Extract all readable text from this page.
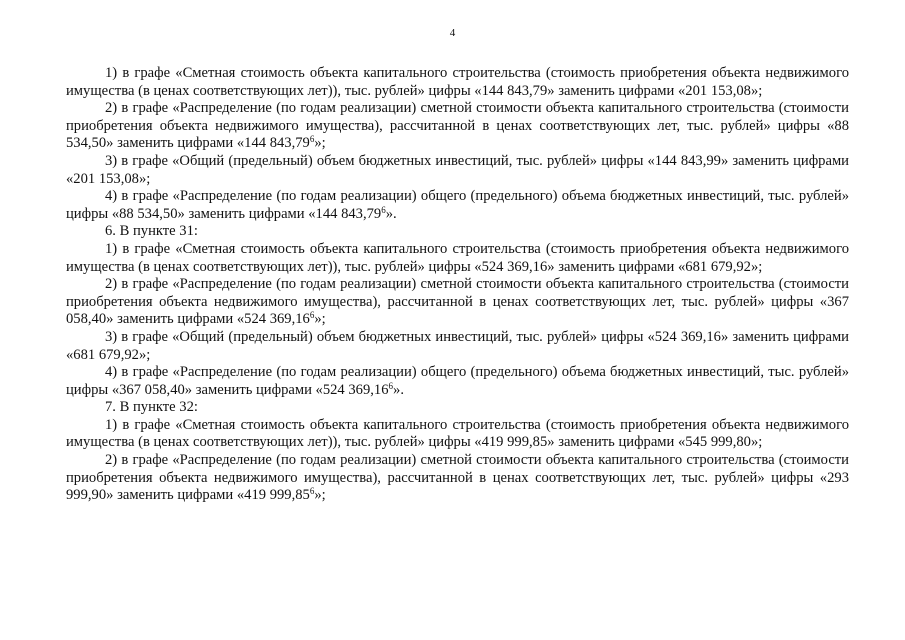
4

1) в графе «Сметная стоимость объекта капитального строительства (стоимость приобретения объекта недвижимого имущества (в ценах соответствующих лет)), тыс. рублей» цифры «144 843,79» заменить цифрами «201 153,08»;

2) в графе «Распределение (по годам реализации) сметной стоимости объекта капитального строительства (стоимости приобретения объекта недвижимого имущества), рассчитанной в ценах соответствующих лет, тыс. рублей» цифры «88 534,50» заменить цифрами «144 843,79$^6$»;

3) в графе «Общий (предельный) объем бюджетных инвестиций, тыс. рублей» цифры «144 843,99» заменить цифрами «201 153,08»;

4) в графе «Распределение (по годам реализации) общего (предельного) объема бюджетных инвестиций, тыс. рублей» цифры «88 534,50» заменить цифрами «144 843,79$^6$».

6. В пункте 31:

1) в графе «Сметная стоимость объекта капитального строительства (стоимость приобретения объекта недвижимого имущества (в ценах соответствующих лет)), тыс. рублей» цифры «524 369,16» заменить цифрами «681 679,92»;

2) в графе «Распределение (по годам реализации) сметной стоимости объекта капитального строительства (стоимости приобретения объекта недвижимого имущества), рассчитанной в ценах соответствующих лет, тыс. рублей» цифры «367 058,40» заменить цифрами «524 369,16$^6$»;

3) в графе «Общий (предельный) объем бюджетных инвестиций, тыс. рублей» цифры «524 369,16» заменить цифрами «681 679,92»;

4) в графе «Распределение (по годам реализации) общего (предельного) объема бюджетных инвестиций, тыс. рублей» цифры «367 058,40» заменить цифрами «524 369,16$^6$».

7. В пункте 32:

1) в графе «Сметная стоимость объекта капитального строительства (стоимость приобретения объекта недвижимого имущества (в ценах соответствующих лет)), тыс. рублей» цифры «419 999,85» заменить цифрами «545 999,80»;

2) в графе «Распределение (по годам реализации) сметной стоимости объекта капитального строительства (стоимости приобретения объекта недвижимого имущества), рассчитанной в ценах соответствующих лет, тыс. рублей» цифры «293 999,90» заменить цифрами «419 999,85$^6$»;
